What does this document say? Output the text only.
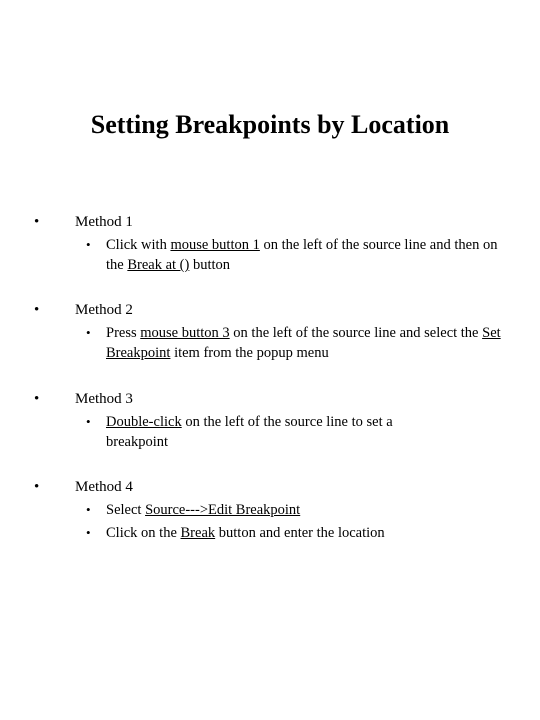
Setting Breakpoints by Location
• Method 1
• Click with mouse button 1 on the left of the source line and then on the Break at () button

• Method 2
• Press mouse button 3 on the left of the source line and select the Set Breakpoint item from the popup menu

• Method 3
• Double-click on the left of the source line to set a breakpoint

• Method 4
• Select Source--->Edit Breakpoint

• Click on the Break button and enter the location
